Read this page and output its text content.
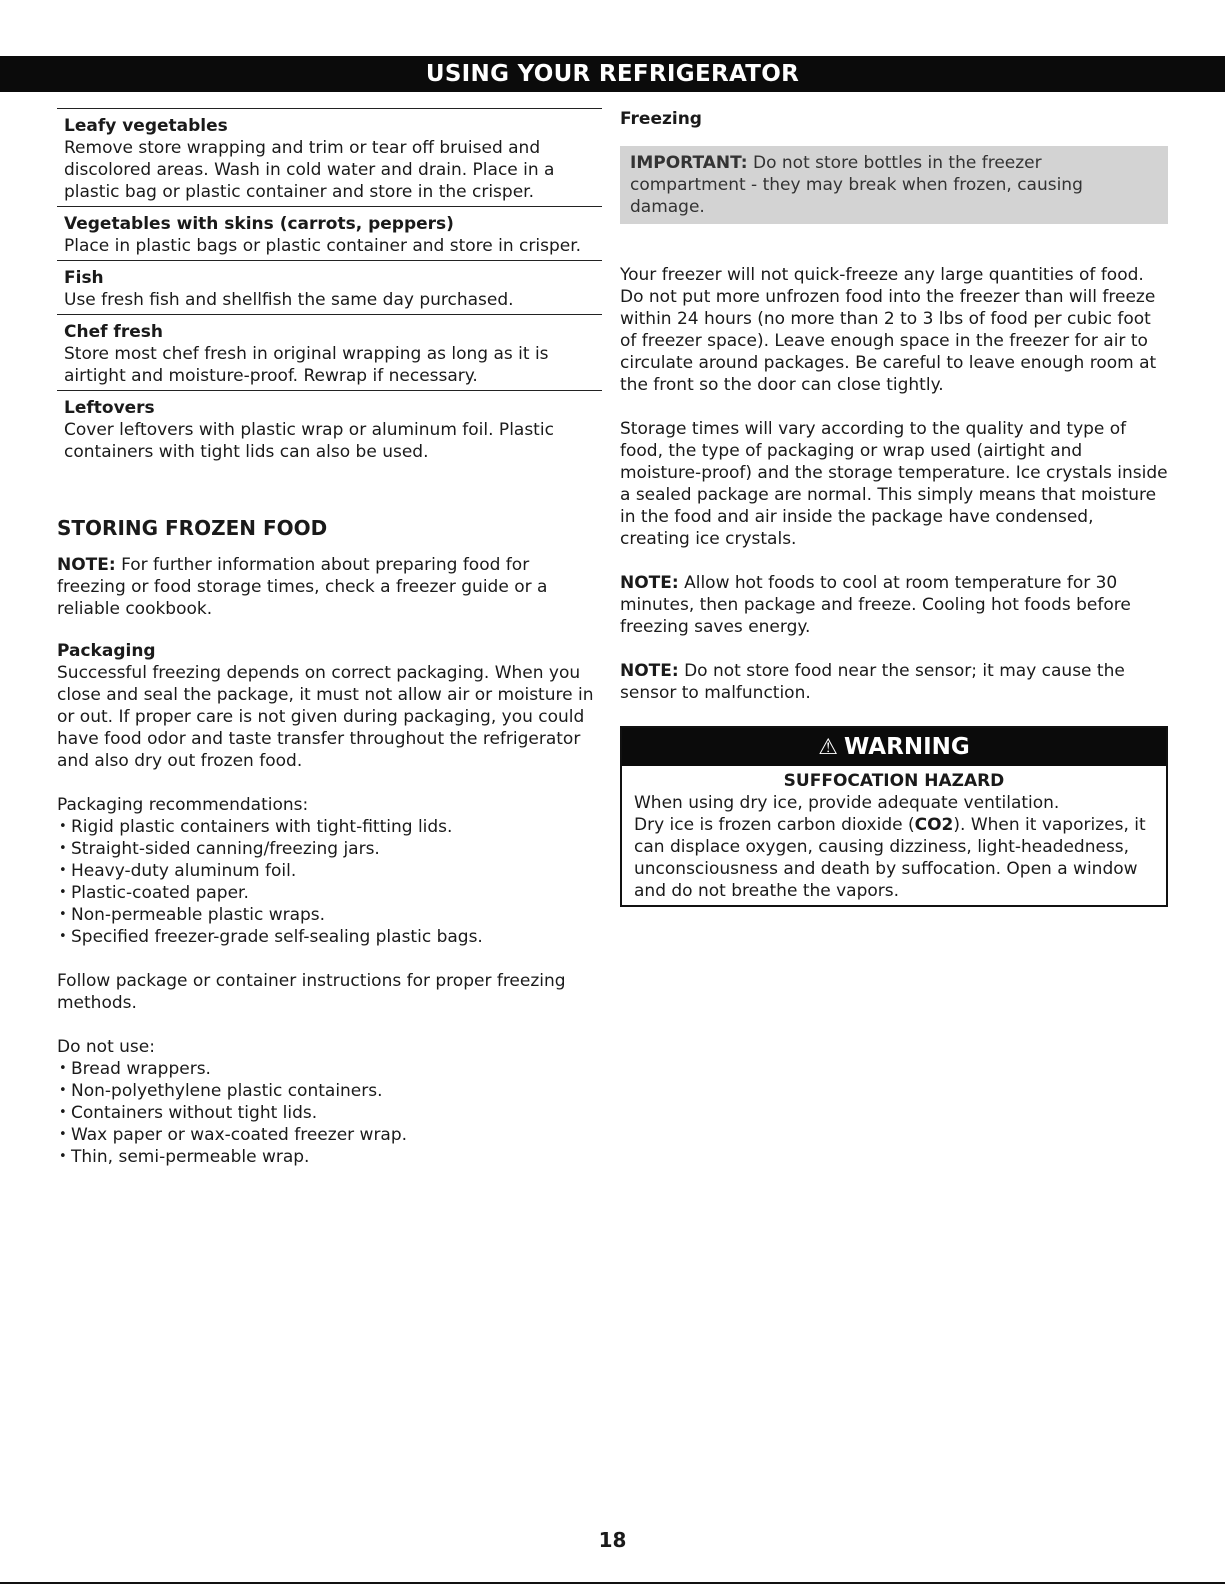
USING YOUR REFRIGERATOR
Leafy vegetables
Remove store wrapping and trim or tear off bruised and discolored areas. Wash in cold water and drain. Place in a plastic bag or plastic container and store in the crisper.
Vegetables with skins (carrots, peppers)
Place in plastic bags or plastic container and store in crisper.
Fish
Use fresh fish and shellfish the same day purchased.
Chef fresh
Store most chef fresh in original wrapping as long as it is airtight and moisture-proof. Rewrap if necessary.
Leftovers
Cover leftovers with plastic wrap or aluminum foil. Plastic containers with tight lids can also be used.
STORING FROZEN FOOD

NOTE: For further information about preparing food for freezing or food storage times, check a freezer guide or a reliable cookbook.

Packaging

Successful freezing depends on correct packaging. When you close and seal the package, it must not allow air or moisture in or out. If proper care is not given during packaging, you could have food odor and taste transfer throughout the refrigerator and also dry out frozen food.

Packaging recommendations:

• Rigid plastic containers with tight-fitting lids.
• Straight-sided canning/freezing jars.
• Heavy-duty aluminum foil.
• Plastic-coated paper.
• Non-permeable plastic wraps.
• Specified freezer-grade self-sealing plastic bags.

Follow package or container instructions for proper freezing methods.

Do not use:

• Bread wrappers.
• Non-polyethylene plastic containers.
• Containers without tight lids.
• Wax paper or wax-coated freezer wrap.
• Thin, semi-permeable wrap.
Freezing
IMPORTANT: Do not store bottles in the freezer compartment - they may break when frozen, causing damage.

Your freezer will not quick-freeze any large quantities of food. Do not put more unfrozen food into the freezer than will freeze within 24 hours (no more than 2 to 3 lbs of food per cubic foot of freezer space). Leave enough space in the freezer for air to circulate around packages. Be careful to leave enough room at the front so the door can close tightly.

Storage times will vary according to the quality and type of food, the type of packaging or wrap used (airtight and moisture-proof) and the storage temperature. Ice crystals inside a sealed package are normal. This simply means that moisture in the food and air inside the package have condensed, creating ice crystals.

NOTE: Allow hot foods to cool at room temperature for 30 minutes, then package and freeze. Cooling hot foods before freezing saves energy.

NOTE: Do not store food near the sensor; it may cause the sensor to malfunction.

⚠ WARNING
SUFFOCATION HAZARD
When using dry ice, provide adequate ventilation.
Dry ice is frozen carbon dioxide (CO2). When it vaporizes, it can displace oxygen, causing dizziness, light-headedness, unconsciousness and death by suffocation. Open a window and do not breathe the vapors.
18
